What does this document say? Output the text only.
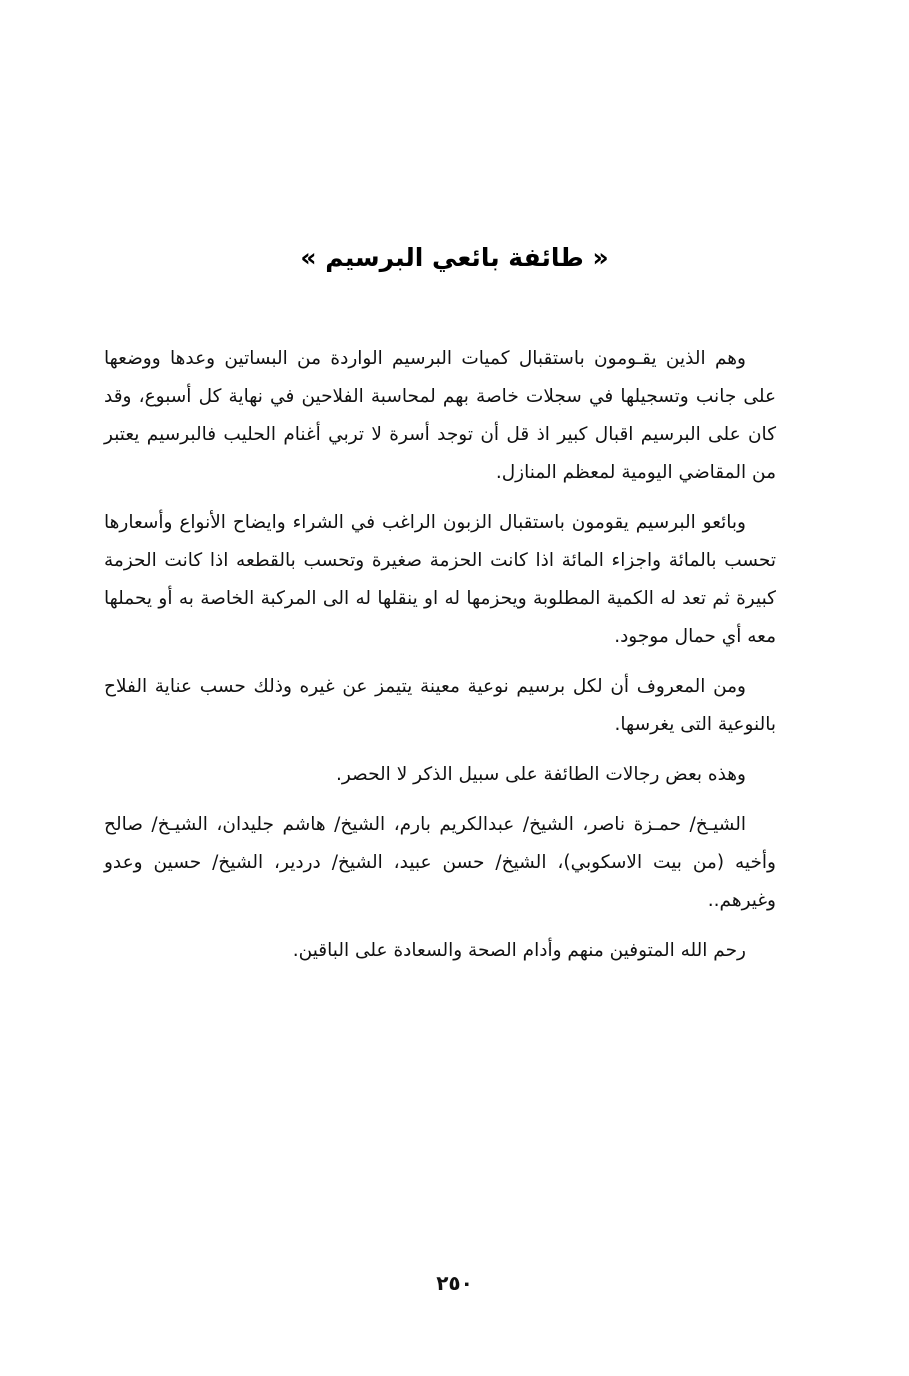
« طائفة بائعي البرسيم »

وهم الذين يقـومون باستقبال كميات البرسيم الواردة من البساتين وعدها ووضعها على جانب وتسجيلها في سجلات خاصة بهم لمحاسبة الفلاحين في نهاية كل أسبوع، وقد كان على البرسيم اقبال كبير اذ قل أن توجد أسرة لا تربي أغنام الحليب فالبرسيم يعتبر من المقاضي اليومية لمعظم المنازل.

وبائعو البرسيم يقومون باستقبال الزبون الراغب في الشراء وايضاح الأنواع وأسعارها تحسب بالمائة واجزاء المائة اذا كانت الحزمة صغيرة وتحسب بالقطعه اذا كانت الحزمة كبيرة ثم تعد له الكمية المطلوبة ويحزمها له او ينقلها له الى المركبة الخاصة به أو يحملها معه أي حمال موجود.

ومن المعروف أن لكل برسيم نوعية معينة يتيمز عن غيره وذلك حسب عناية الفلاح بالنوعية التى يغرسها.

وهذه بعض رجالات الطائفة على سبيل الذكر لا الحصر.

الشيـخ/ حمـزة ناصر، الشيخ/ عبدالكريم بارم، الشيخ/ هاشم جليدان، الشيـخ/ صالح وأخيه (من بيت الاسكوبي)، الشيخ/ حسن عبيد، الشيخ/ دردير، الشيخ/ حسين وعدو وغيرهم..

رحم الله المتوفين منهم وأدام الصحة والسعادة على الباقين.

٢٥٠
